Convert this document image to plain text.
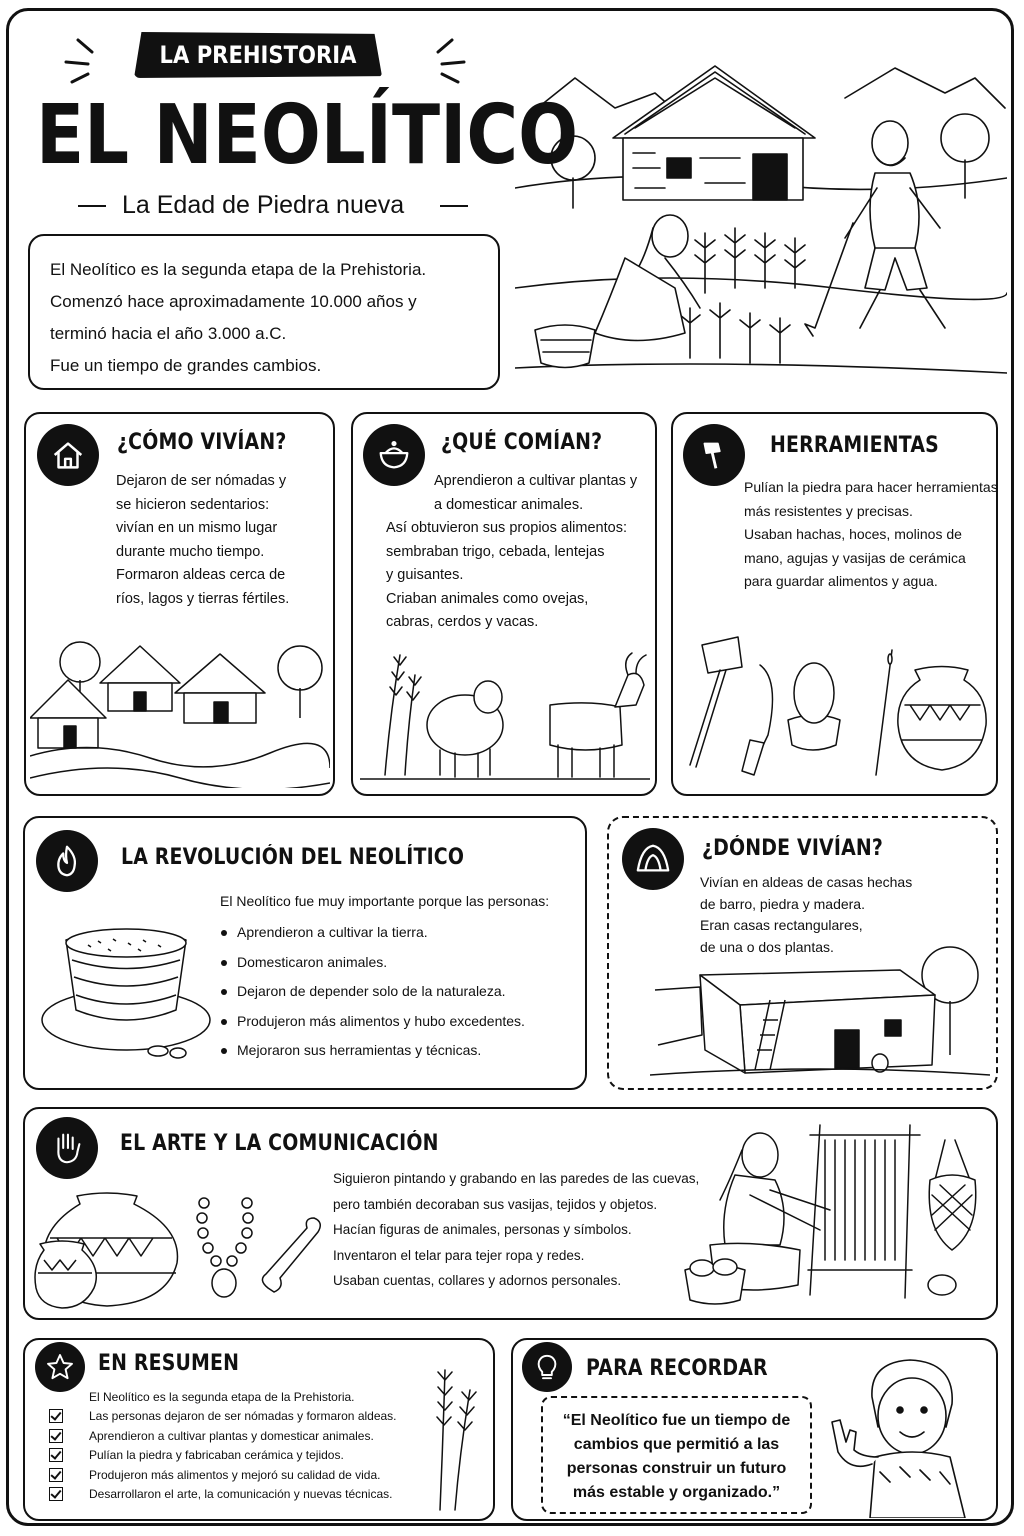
LA PREHISTORIA
EL NEOLÍTICO
La Edad de Piedra nueva

El Neolítico es la segunda etapa de la Prehistoria.

Comenzó hace aproximadamente 10.000 años y

terminó hacia el año 3.000 a.C.

Fue un tiempo de grandes cambios.

¿CÓMO VIVÍAN?

Dejaron de ser nómadas y

se hicieron sedentarios:

vivían en un mismo lugar

durante mucho tiempo.

Formaron aldeas cerca de

ríos, lagos y tierras fértiles.

¿QUÉ COMÍAN?

Aprendieron a cultivar plantas y

a domesticar animales.

Así obtuvieron sus propios alimentos:

sembraban trigo, cebada, lentejas

y guisantes.

Criaban animales como ovejas,

cabras, cerdos y vacas.

HERRAMIENTAS

Pulían la piedra para hacer herramientas

más resistentes y precisas.

Usaban hachas, hoces, molinos de

mano, agujas y vasijas de cerámica

para guardar alimentos y agua.

LA REVOLUCIÓN DEL NEOLÍTICO
El Neolítico fue muy importante porque las personas:
Aprendieron a cultivar la tierra.
Domesticaron animales.
Dejaron de depender solo de la naturaleza.
Produjeron más alimentos y hubo excedentes.
Mejoraron sus herramientas y técnicas.
¿DÓNDE VIVÍAN?

Vivían en aldeas de casas hechas

de barro, piedra y madera.

Eran casas rectangulares,

de una o dos plantas.

EL ARTE Y LA COMUNICACIÓN

Siguieron pintando y grabando en las paredes de las cuevas,

pero también decoraban sus vasijas, tejidos y objetos.

Hacían figuras de animales, personas y símbolos.

Inventaron el telar para tejer ropa y redes.

Usaban cuentas, collares y adornos personales.

EN RESUMEN
El Neolítico es la segunda etapa de la Prehistoria.
Las personas dejaron de ser nómadas y formaron aldeas.
Aprendieron a cultivar plantas y domesticar animales.
Pulían la piedra y fabricaban cerámica y tejidos.
Produjeron más alimentos y mejoró su calidad de vida.
Desarrollaron el arte, la comunicación y nuevas técnicas.
PARA RECORDAR

“El Neolítico fue un tiempo de

cambios que permitió a las

personas construir un futuro

más estable y organizado.”
